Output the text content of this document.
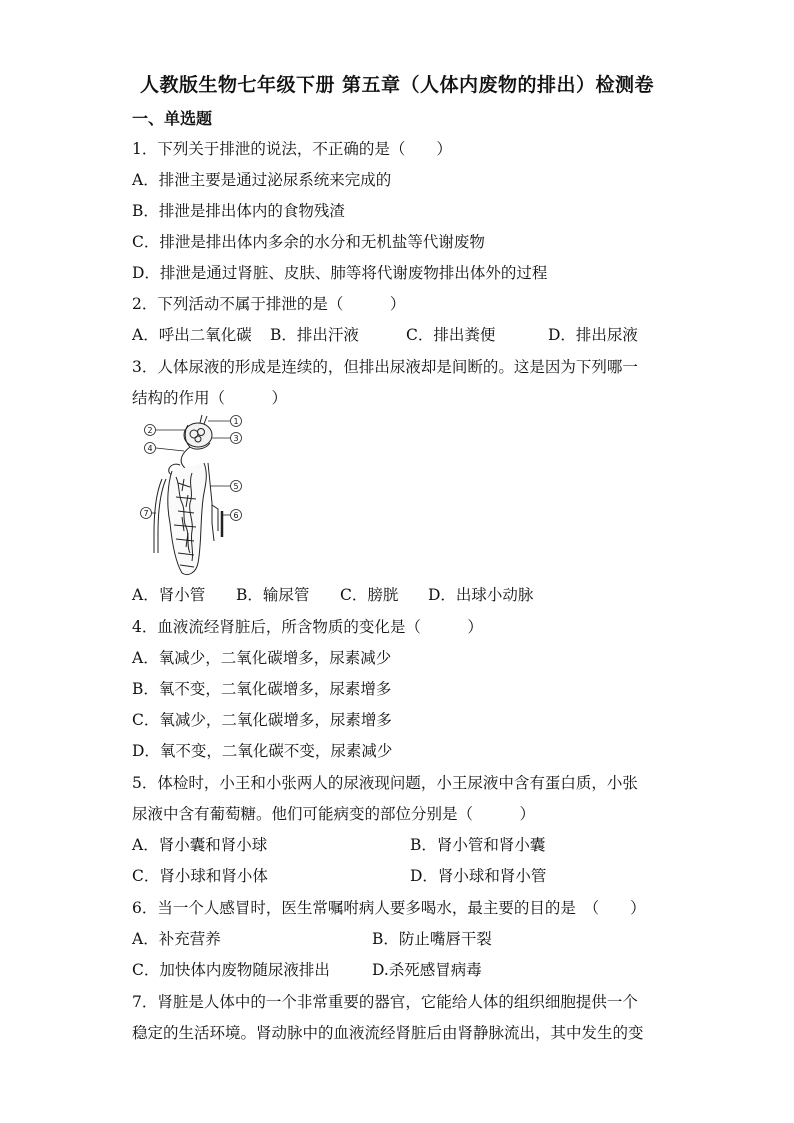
人教版生物七年级下册 第五章（人体内废物的排出）检测卷
一、单选题
1．下列关于排泄的说法，不正确的是（　　）
A．排泄主要是通过泌尿系统来完成的
B．排泄是排出体内的食物残渣
C．排泄是排出体内多余的水分和无机盐等代谢废物
D．排泄是通过肾脏、皮肤、肺等将代谢废物排出体外的过程
2．下列活动不属于排泄的是（　　　）
A．呼出二氧化碳 B．排出汗液	C．排出粪便	D．排出尿液
3．人体尿液的形成是连续的，但排出尿液却是间断的。这是因为下列哪一
结构的作用（　　　）
1
2
3
4
5
6
7
A．肾小管 B．输尿管 C．膀胱 D．出球小动脉
4．血液流经肾脏后，所含物质的变化是（　　　）
A．氧减少，二氧化碳增多，尿素减少
B．氧不变，二氧化碳增多，尿素增多
C．氧减少，二氧化碳增多，尿素增多
D．氧不变，二氧化碳不变，尿素减少
5．体检时，小王和小张两人的尿液现问题，小王尿液中含有蛋白质，小张
尿液中含有葡萄糖。他们可能病变的部位分别是（　　　）
A．肾小囊和肾小球	B．肾小管和肾小囊
C．肾小球和肾小体	D．肾小球和肾小管
6．当一个人感冒时，医生常嘱咐病人要多喝水，最主要的目的是　（　　）
A．补充营养	B．防止嘴唇干裂
C．加快体内废物随尿液排出	D.杀死感冒病毒
7．肾脏是人体中的一个非常重要的器官，它能给人体的组织细胞提供一个
稳定的生活环境。肾动脉中的血液流经肾脏后由肾静脉流出，其中发生的变
